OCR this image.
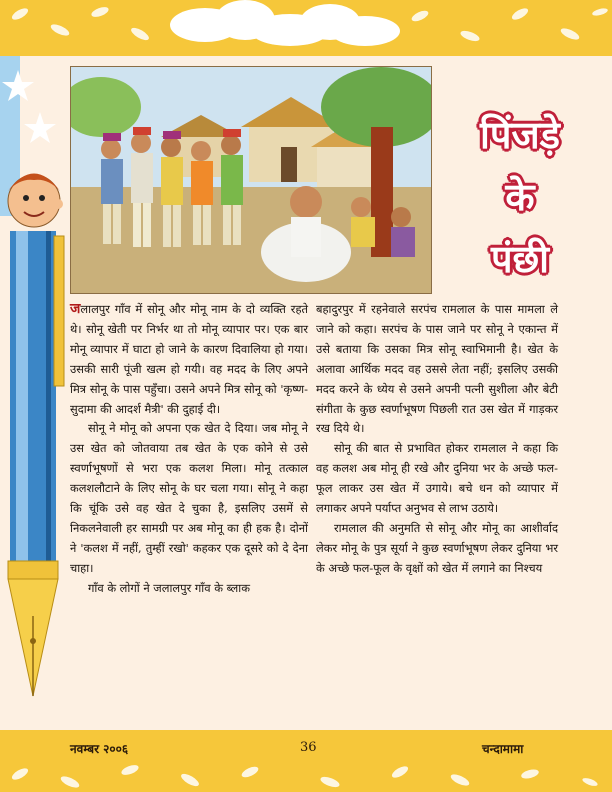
पिंजड़े
के
पंछी

जलालपुर गाँव में सोनू और मोनू नाम के दो व्यक्ति रहते थे। सोनू खेती पर निर्भर था तो मोनू व्यापार पर। एक बार मोनू व्यापार में घाटा हो जाने के कारण दिवालिया हो गया। उसकी सारी पूंजी खत्म हो गयी। वह मदद के लिए अपने मित्र सोनू के पास पहुँचा। उसने अपने मित्र सोनू को 'कृष्ण-सुदामा की आदर्श मैत्री' की दुहाई दी।

सोनू ने मोनू को अपना एक खेत दे दिया। जब मोनू ने उस खेत को जोतवाया तब खेत के एक कोने से उसे स्वर्णाभूषणों से भरा एक कलश मिला। मोनू तत्काल कलशलौटाने के लिए सोनू के घर चला गया। सोनू ने कहा कि चूंकि उसे वह खेत दे चुका है, इसलिए उसमें से निकलनेवाली हर सामग्री पर अब मोनू का ही हक है। दोनों ने 'कलश में नहीं, तुम्हीं रखो' कहकर एक दूसरे को दे देना चाहा।

गाँव के लोगों ने जलालपुर गाँव के ब्लाक

बहादुरपुर में रहनेवाले सरपंच रामलाल के पास मामला ले जाने को कहा। सरपंच के पास जाने पर सोनू ने एकान्त में उसे बताया कि उसका मित्र सोनू स्वाभिमानी है। खेत के अलावा आर्थिक मदद वह उससे लेता नहीं; इसलिए उसकी मदद करने के ध्येय से उसने अपनी पत्नी सुशीला और बेटी संगीता के कुछ स्वर्णाभूषण पिछली रात उस खेत में गाड़कर रख दिये थे।

सोनू की बात से प्रभावित होकर रामलाल ने कहा कि वह कलश अब मोनू ही रखे और दुनिया भर के अच्छे फल-फूल लाकर उस खेत में उगाये। बचे धन को व्यापार में लगाकर अपने पर्याप्त अनुभव से लाभ उठाये।

रामलाल की अनुमति से सोनू और मोनू का आशीर्वाद लेकर मोनू के पुत्र सूर्या ने कुछ स्वर्णाभूषण लेकर दुनिया भर के अच्छे फल-फूल के वृक्षों को खेत में लगाने का निश्चय

नवम्बर २००६	36	चन्दामामा
